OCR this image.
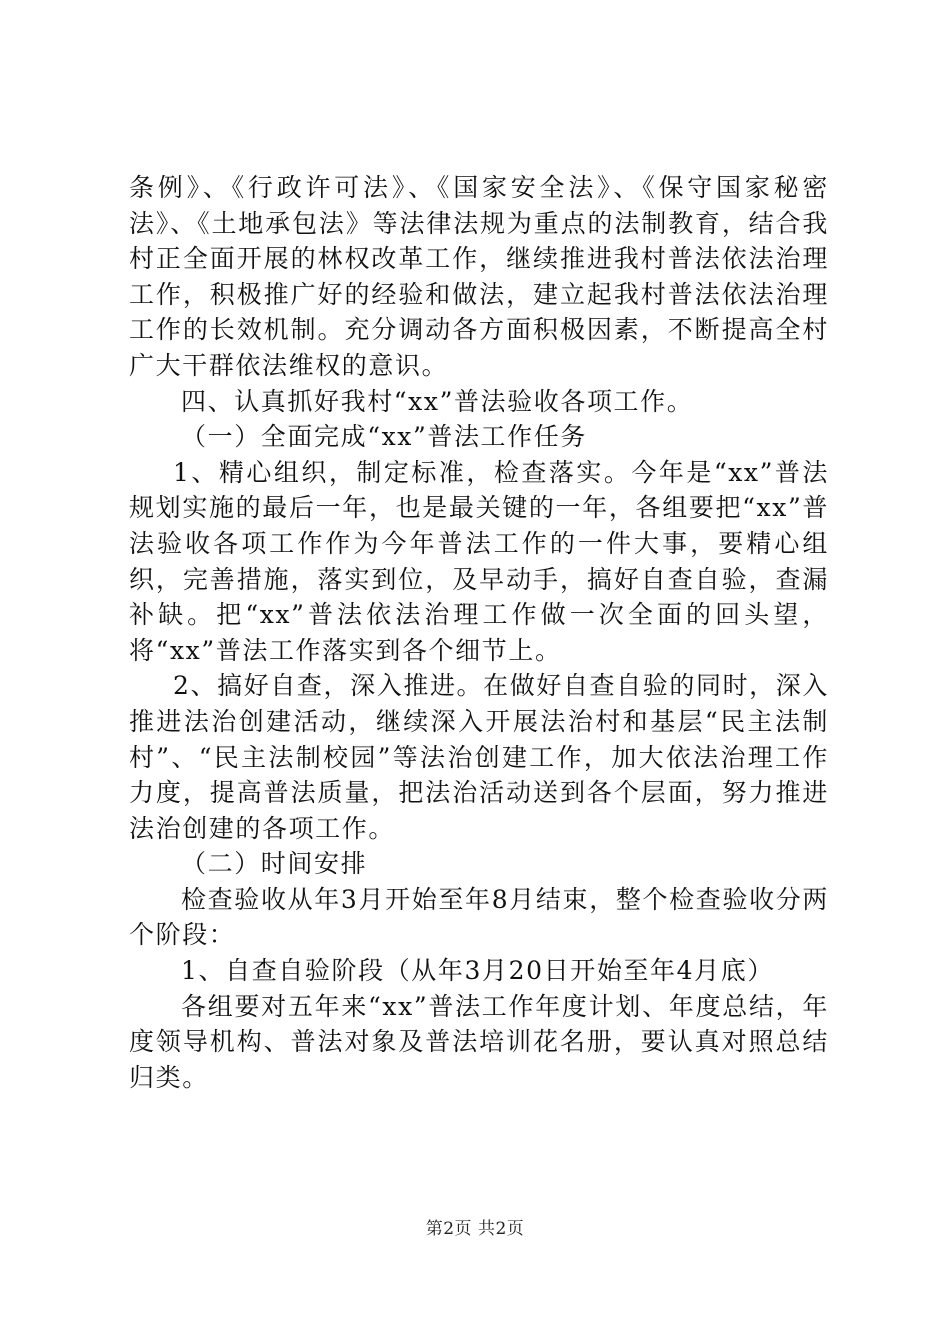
条例》、《行政许可法》、《国家安全法》、《保守国家秘密法》、《土地承包法》等法律法规为重点的法制教育，结合我村正全面开展的林权改革工作，继续推进我村普法依法治理工作，积极推广好的经验和做法，建立起我村普法依法治理工作的长效机制。充分调动各方面积极因素，不断提高全村广大干群依法维权的意识。

四、认真抓好我村“xx”普法验收各项工作。

（一）全面完成“xx”普法工作任务

1、精心组织，制定标准，检查落实。今年是“xx”普法规划实施的最后一年，也是最关键的一年，各组要把“xx”普法验收各项工作作为今年普法工作的一件大事，要精心组织，完善措施，落实到位，及早动手，搞好自查自验，查漏补缺。把“xx”普法依法治理工作做一次全面的回头望，将“xx”普法工作落实到各个细节上。

2、搞好自查，深入推进。在做好自查自验的同时，深入推进法治创建活动，继续深入开展法治村和基层“民主法制村”、“民主法制校园”等法治创建工作，加大依法治理工作力度，提高普法质量，把法治活动送到各个层面，努力推进法治创建的各项工作。

（二）时间安排

检查验收从年3月开始至年8月结束，整个检查验收分两个阶段：

1、自查自验阶段（从年3月20日开始至年4月底）

各组要对五年来“xx”普法工作年度计划、年度总结，年度领导机构、普法对象及普法培训花名册，要认真对照总结归类。

第2页 共2页
